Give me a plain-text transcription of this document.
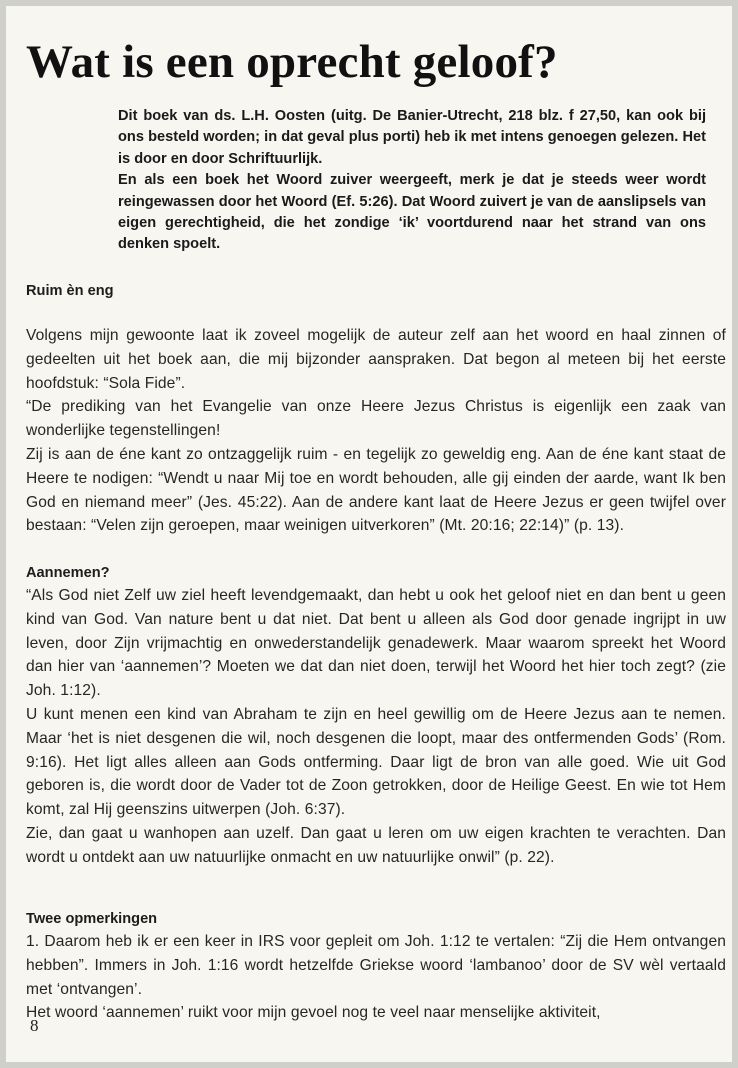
Wat is een oprecht geloof?

Dit boek van ds. L.H. Oosten (uitg. De Banier-Utrecht, 218 blz. f 27,50, kan ook bij ons besteld worden; in dat geval plus porti) heb ik met intens genoegen gelezen. Het is door en door Schriftuurlijk.

En als een boek het Woord zuiver weergeeft, merk je dat je steeds weer wordt reingewassen door het Woord (Ef. 5:26). Dat Woord zuivert je van de aanslipsels van eigen gerechtigheid, die het zondige ‘ik’ voortdurend naar het strand van ons denken spoelt.

Ruim èn eng

Volgens mijn gewoonte laat ik zoveel mogelijk de auteur zelf aan het woord en haal zinnen of gedeelten uit het boek aan, die mij bijzonder aanspraken. Dat begon al meteen bij het eerste hoofdstuk: “Sola Fide”.

“De prediking van het Evangelie van onze Heere Jezus Christus is eigenlijk een zaak van wonderlijke tegenstellingen!

Zij is aan de éne kant zo ontzaggelijk ruim - en tegelijk zo geweldig eng. Aan de éne kant staat de Heere te nodigen: “Wendt u naar Mij toe en wordt behouden, alle gij einden der aarde, want Ik ben God en niemand meer” (Jes. 45:22). Aan de andere kant laat de Heere Jezus er geen twijfel over bestaan: “Velen zijn geroepen, maar weinigen uitverkoren” (Mt. 20:16; 22:14)” (p. 13).

Aannemen?

“Als God niet Zelf uw ziel heeft levendgemaakt, dan hebt u ook het geloof niet en dan bent u geen kind van God. Van nature bent u dat niet. Dat bent u alleen als God door genade ingrijpt in uw leven, door Zijn vrijmachtig en onwederstandelijk genadewerk. Maar waarom spreekt het Woord dan hier van ‘aannemen’? Moeten we dat dan niet doen, terwijl het Woord het hier toch zegt? (zie Joh. 1:12).

U kunt menen een kind van Abraham te zijn en heel gewillig om de Heere Jezus aan te nemen. Maar ‘het is niet desgenen die wil, noch desgenen die loopt, maar des ontfermenden Gods’ (Rom. 9:16). Het ligt alles alleen aan Gods ontferming. Daar ligt de bron van alle goed. Wie uit God geboren is, die wordt door de Vader tot de Zoon getrokken, door de Heilige Geest. En wie tot Hem komt, zal Hij geenszins uitwerpen (Joh. 6:37).

Zie, dan gaat u wanhopen aan uzelf. Dan gaat u leren om uw eigen krachten te verachten. Dan wordt u ontdekt aan uw natuurlijke onmacht en uw natuurlijke onwil” (p. 22).

Twee opmerkingen

1. Daarom heb ik er een keer in IRS voor gepleit om Joh. 1:12 te vertalen: “Zij die Hem ontvangen hebben”. Immers in Joh. 1:16 wordt hetzelfde Griekse woord ‘lambanoo’ door de SV wèl vertaald met ‘ontvangen’.

Het woord ‘aannemen’ ruikt voor mijn gevoel nog te veel naar menselijke aktiviteit,

8
